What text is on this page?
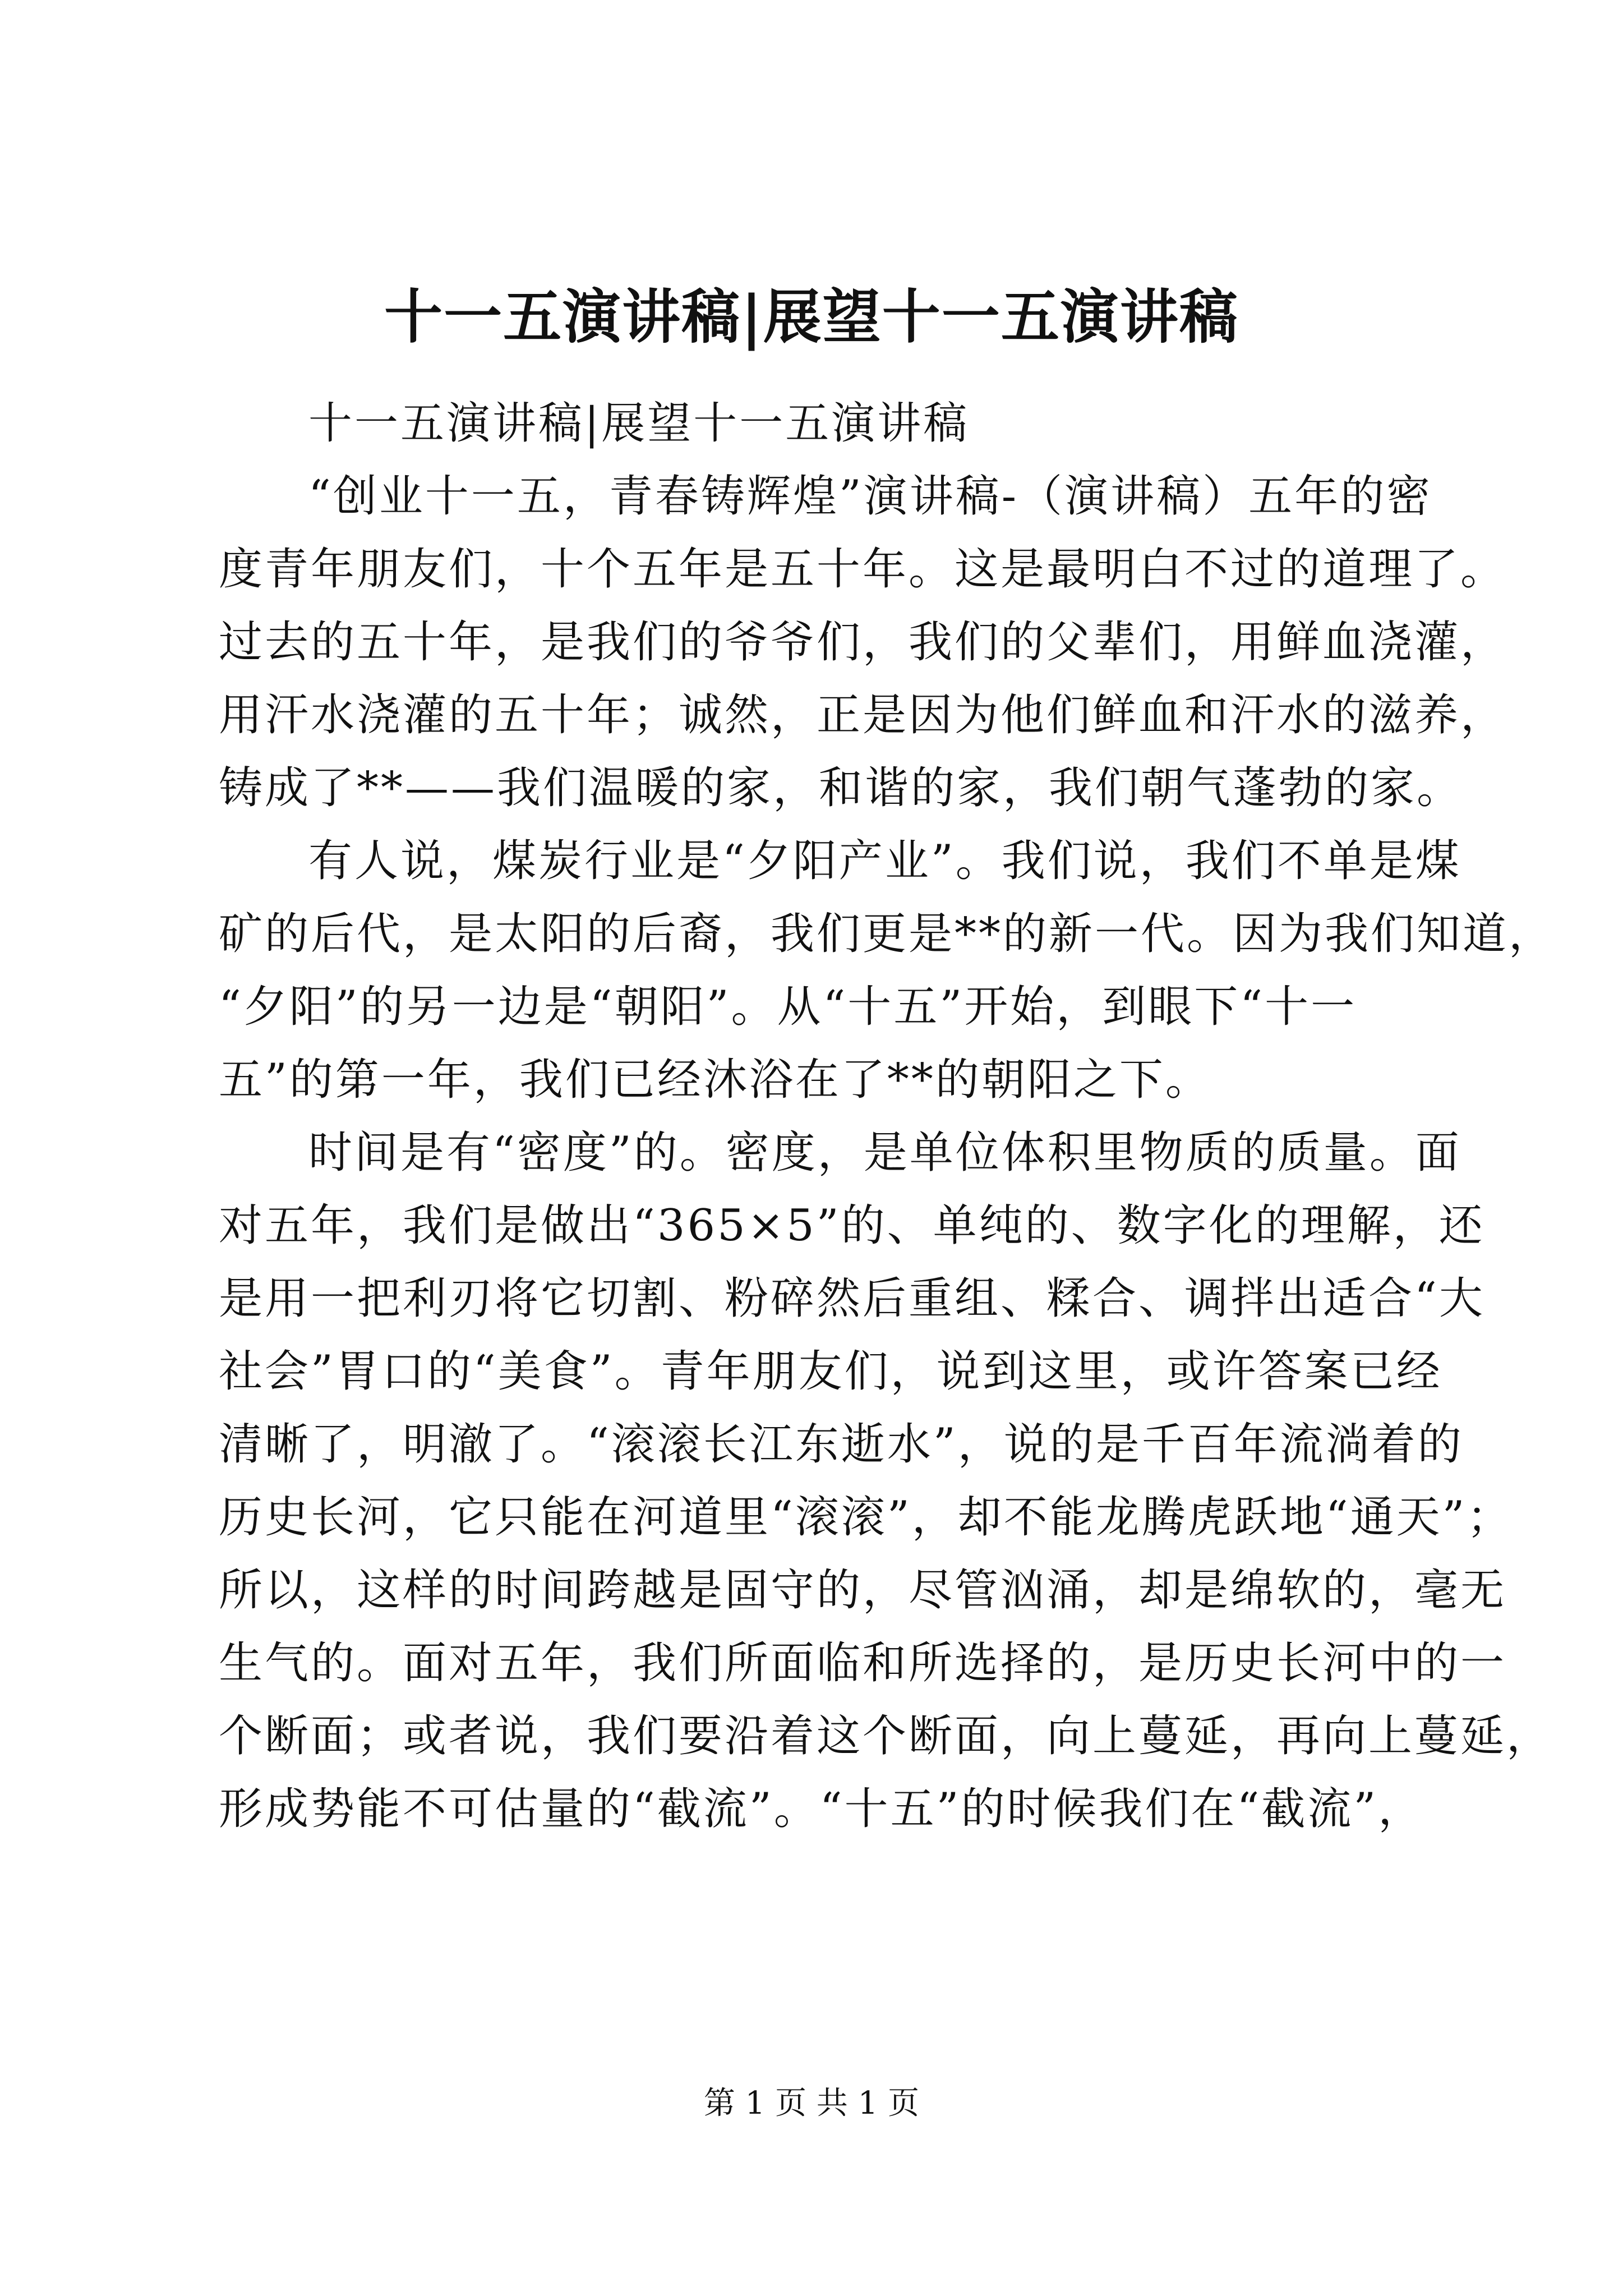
十一五演讲稿|展望十一五演讲稿
十一五演讲稿|展望十一五演讲稿
“创业十一五，青春铸辉煌”演讲稿-（演讲稿）五年的密
度青年朋友们，十个五年是五十年。这是最明白不过的道理了。
过去的五十年，是我们的爷爷们，我们的父辈们，用鲜血浇灌，
用汗水浇灌的五十年；诚然，正是因为他们鲜血和汗水的滋养，
铸成了**——我们温暖的家，和谐的家，我们朝气蓬勃的家。
有人说，煤炭行业是“夕阳产业”。我们说，我们不单是煤
矿的后代，是太阳的后裔，我们更是**的新一代。因为我们知道，
“夕阳”的另一边是“朝阳”。从“十五”开始，到眼下“十一
五”的第一年，我们已经沐浴在了**的朝阳之下。
时间是有“密度”的。密度，是单位体积里物质的质量。面
对五年，我们是做出“365×5”的、单纯的、数字化的理解，还
是用一把利刃将它切割、粉碎然后重组、糅合、调拌出适合“大
社会”胃口的“美食”。青年朋友们，说到这里，或许答案已经
清晰了，明澈了。“滚滚长江东逝水”，说的是千百年流淌着的
历史长河，它只能在河道里“滚滚”，却不能龙腾虎跃地“通天”；
所以，这样的时间跨越是固守的，尽管汹涌，却是绵软的，毫无
生气的。面对五年，我们所面临和所选择的，是历史长河中的一
个断面；或者说，我们要沿着这个断面，向上蔓延，再向上蔓延，
形成势能不可估量的“截流”。“十五”的时候我们在“截流”，
第 1 页 共 1 页
